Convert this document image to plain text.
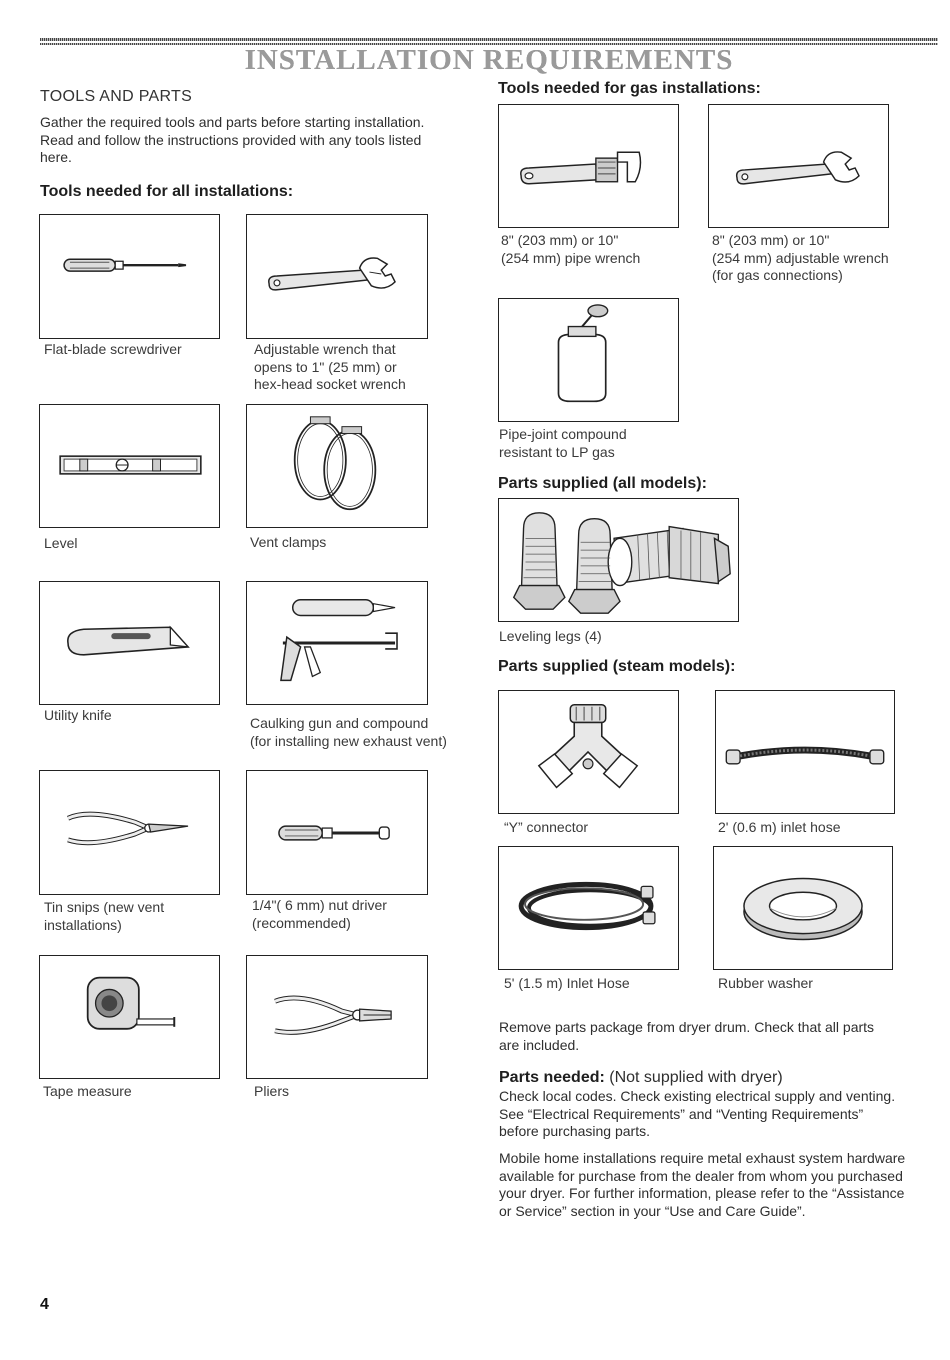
INSTALLATION REQUIREMENTS
TOOLS AND PARTS
Gather the required tools and parts before starting installation.
Read and follow the instructions provided with any tools listed
here.
Tools needed for all installations:
Flat-blade screwdriver	Adjustable wrench that
opens to 1" (25 mm) or
hex-head socket wrench
Level	Vent clamps
Utility knife	Caulking gun and compound
(for installing new exhaust vent)
Tin snips (new vent
installations)
1/4"( 6 mm) nut driver
(recommended)
Tape measure	Pliers
Tools needed for gas installations:
8" (203 mm) or 10"
(254 mm) pipe wrench
8" (203 mm) or 10"
(254 mm) adjustable wrench
(for gas connections)
Pipe-joint compound
resistant to LP gas
Parts supplied (all models):
Leveling legs (4)
Parts supplied (steam models):
“Y” connector	2' (0.6 m) inlet hose
5' (1.5 m) Inlet Hose	Rubber washer
Remove parts package from dryer drum. Check that all parts
are included.
Parts needed: (Not supplied with dryer)
Check local codes. Check existing electrical supply and venting.
See “Electrical Requirements” and “Venting Requirements”
before purchasing parts.
Mobile home installations require metal exhaust system hardware
available for purchase from the dealer from whom you purchased
your dryer. For further information, please refer to the “Assistance
or Service” section in your “Use and Care Guide”.
4
